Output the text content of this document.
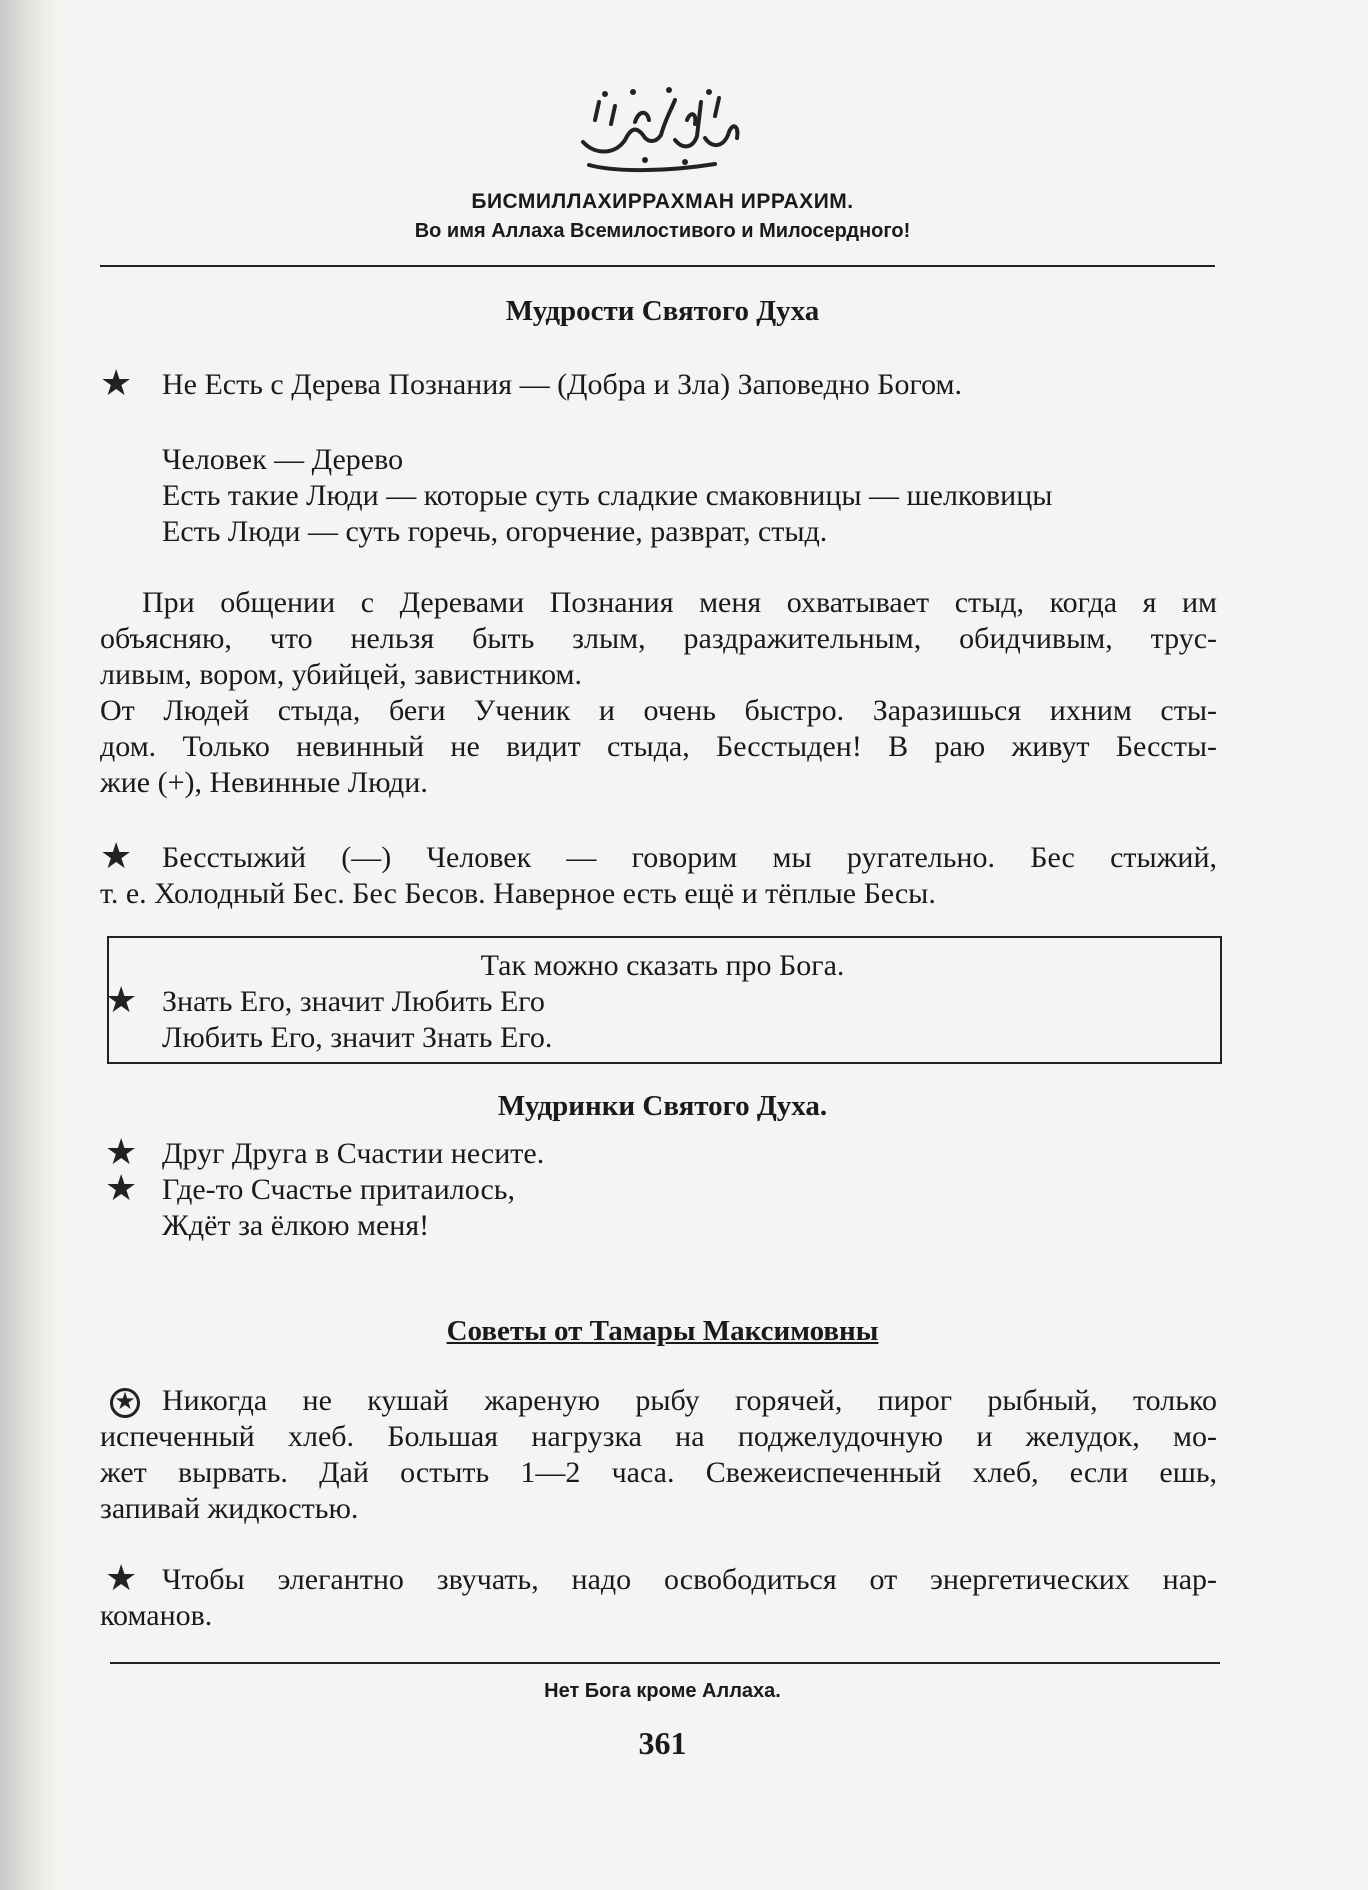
БИСМИЛЛАХИРРАХМАН ИРРАХИМ.
Во имя Аллаха Всемилостивого и Милосердного!
Мудрости Святого Духа
★ Не Есть с Дерева Познания — (Добра и Зла) Заповедно Богом.
Человек — Дерево
Есть такие Люди — которые суть сладкие смаковницы — шелковицы
Есть Люди — суть горечь, огорчение, разврат, стыд.
При общении с Деревами Познания меня охватывает стыд, когда я им
объясняю, что нельзя быть злым, раздражительным, обидчивым, трус-
ливым, вором, убийцей, завистником.
От Людей стыда, беги Ученик и очень быстро. Заразишься ихним сты-
дом. Только невинный не видит стыда, Бесстыден! В раю живут Бессты-
жие (+), Невинные Люди.
★ Бесстыжий (—) Человек — говорим мы ругательно. Бес стыжий,
т. е. Холодный Бес. Бес Бесов. Наверное есть ещё и тёплые Бесы.
Так можно сказать про Бога.
★ Знать Его, значит Любить Его
Любить Его, значит Знать Его.
Мудринки Святого Духа.
★ Друг Друга в Счастии несите.
★ Где-то Счастье притаилось,
Ждёт за ёлкою меня!
Советы от Тамары Максимовны
★ Никогда не кушай жареную рыбу горячей, пирог рыбный, только
испеченный хлеб. Большая нагрузка на поджелудочную и желудок, мо-
жет вырвать. Дай остыть 1—2 часа. Свежеиспеченный хлеб, если ешь,
запивай жидкостью.
★ Чтобы элегантно звучать, надо освободиться от энергетических нар-
команов.
Нет Бога кроме Аллаха.
361
